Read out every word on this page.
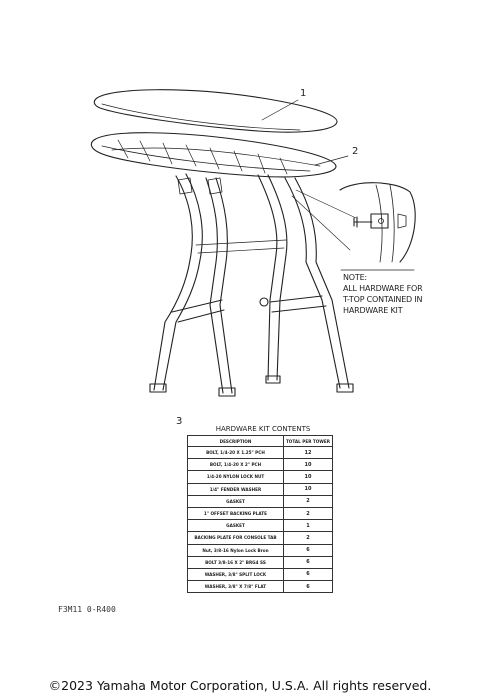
1
2
3
NOTE:
ALL HARDWARE FOR
T-TOP CONTAINED IN
HARDWARE KIT
HARDWARE KIT CONTENTS
DESCRIPTION	TOTAL PER TOWER
BOLT, 1/4-20 X 1.25" PCH	12
BOLT, 1/4-20 X 2" PCH	10
1/4-20 NYLON LOCK NUT	10
1/4" FENDER WASHER	10
GASKET	2
1" OFFSET BACKING PLATE	2
GASKET	1
BACKING PLATE FOR CONSOLE TAB	2
Nut, 3/8-16 Nylon Lock Bron	6
BOLT 3/8-16 X 2" BRG4 SS	6
WASHER, 3/8" SPLIT LOCK	6
WASHER, 3/8" X 7/8" FLAT	6
F3M11 0-R400
©2023 Yamaha Motor Corporation, U.S.A. All rights reserved.
